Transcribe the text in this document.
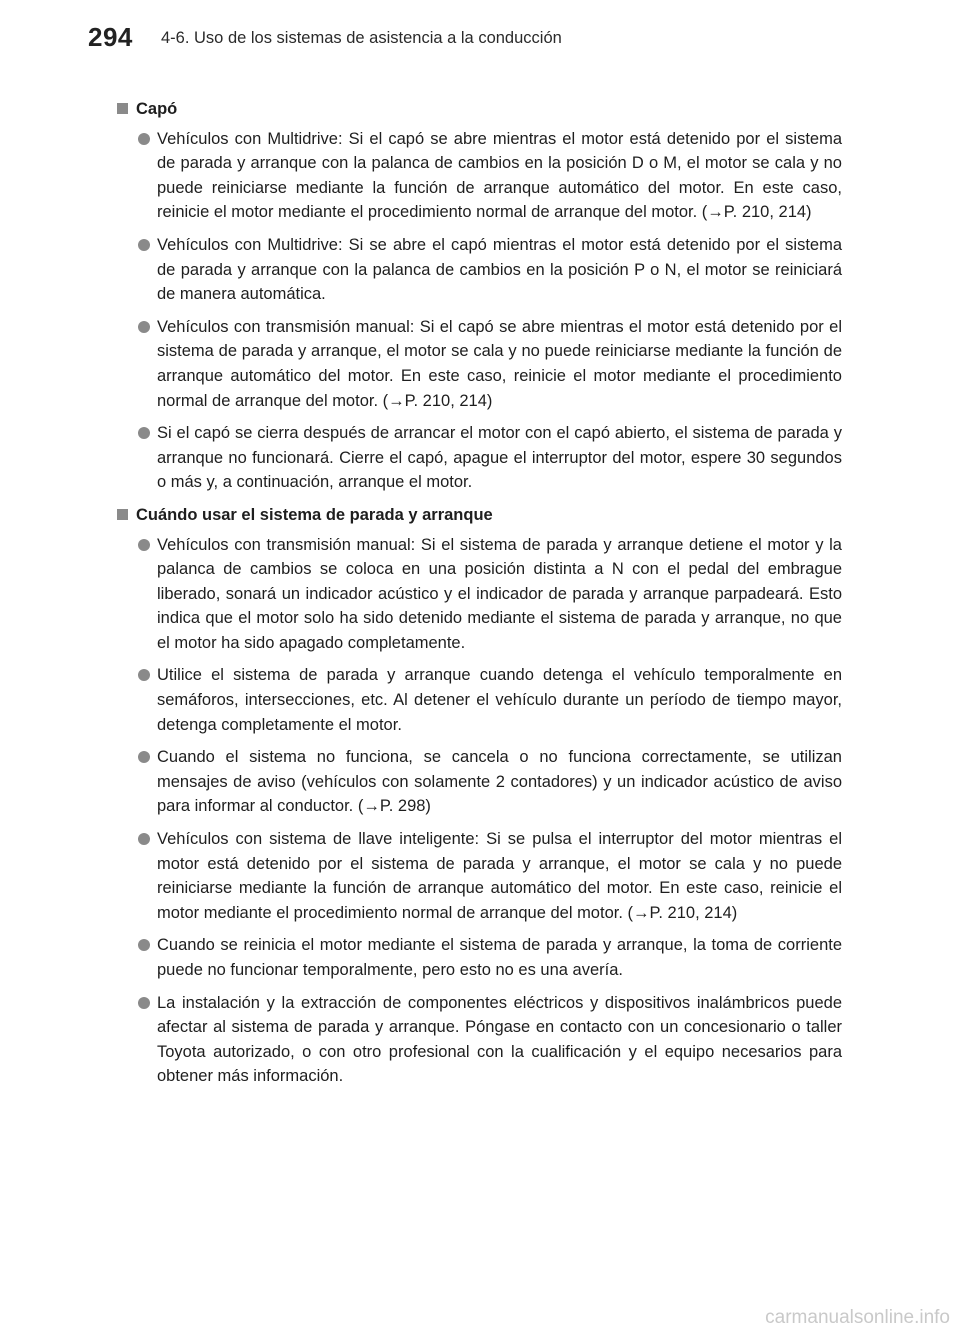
294 4-6. Uso de los sistemas de asistencia a la conducción
Capó
Vehículos con Multidrive: Si el capó se abre mientras el motor está detenido por el sistema de parada y arranque con la palanca de cambios en la posición D o M, el motor se cala y no puede reiniciarse mediante la función de arranque automático del motor. En este caso, reinicie el motor mediante el procedimiento normal de arranque del motor. (→P. 210, 214)
Vehículos con Multidrive: Si se abre el capó mientras el motor está detenido por el sistema de parada y arranque con la palanca de cambios en la posición P o N, el motor se reiniciará de manera automática.
Vehículos con transmisión manual: Si el capó se abre mientras el motor está detenido por el sistema de parada y arranque, el motor se cala y no puede reiniciarse mediante la función de arranque automático del motor. En este caso, reinicie el motor mediante el procedimiento normal de arranque del motor. (→P. 210, 214)
Si el capó se cierra después de arrancar el motor con el capó abierto, el sistema de parada y arranque no funcionará. Cierre el capó, apague el interruptor del motor, espere 30 segundos o más y, a continuación, arranque el motor.
Cuándo usar el sistema de parada y arranque
Vehículos con transmisión manual: Si el sistema de parada y arranque detiene el motor y la palanca de cambios se coloca en una posición distinta a N con el pedal del embrague liberado, sonará un indicador acústico y el indicador de parada y arranque parpadeará. Esto indica que el motor solo ha sido detenido mediante el sistema de parada y arranque, no que el motor ha sido apagado completamente.
Utilice el sistema de parada y arranque cuando detenga el vehículo temporalmente en semáforos, intersecciones, etc. Al detener el vehículo durante un período de tiempo mayor, detenga completamente el motor.
Cuando el sistema no funciona, se cancela o no funciona correctamente, se utilizan mensajes de aviso (vehículos con solamente 2 contadores) y un indicador acústico de aviso para informar al conductor. (→P. 298)
Vehículos con sistema de llave inteligente: Si se pulsa el interruptor del motor mientras el motor está detenido por el sistema de parada y arranque, el motor se cala y no puede reiniciarse mediante la función de arranque automático del motor. En este caso, reinicie el motor mediante el procedimiento normal de arranque del motor. (→P. 210, 214)
Cuando se reinicia el motor mediante el sistema de parada y arranque, la toma de corriente puede no funcionar temporalmente, pero esto no es una avería.
La instalación y la extracción de componentes eléctricos y dispositivos inalámbricos puede afectar al sistema de parada y arranque. Póngase en contacto con un concesionario o taller Toyota autorizado, o con otro profesional con la cualificación y el equipo necesarios para obtener más información.
carmanualsonline.info
